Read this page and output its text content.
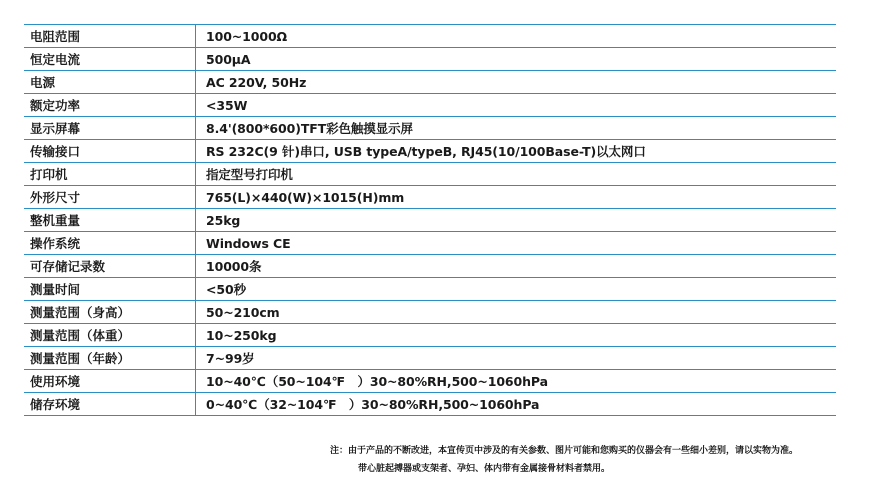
电阻范围	100~1000Ω
恒定电流	500μA
电源	AC 220V, 50Hz
额定功率	<35W
显示屏幕	8.4'(800*600)TFT彩色触摸显示屏
传输接口	RS 232C(9 针)串口, USB typeA/typeB, RJ45(10/100Base-T)以太网口
打印机	指定型号打印机
外形尺寸	765(L)×440(W)×1015(H)mm
整机重量	25kg
操作系统	Windows CE
可存储记录数	10000条
测量时间	<50秒
测量范围（身高）	50~210cm
测量范围（体重）	10~250kg
测量范围（年龄）	7~99岁
使用环境	10~40℃（50~104℉　）30~80%RH,500~1060hPa
储存环境	0~40℃（32~104℉　）30~80%RH,500~1060hPa
注：由于产品的不断改进，本宣传页中涉及的有关参数、图片可能和您购买的仪器会有一些细小差别，请以实物为准。
带心脏起搏器或支架者、孕妇、体内带有金属接骨材料者禁用。
